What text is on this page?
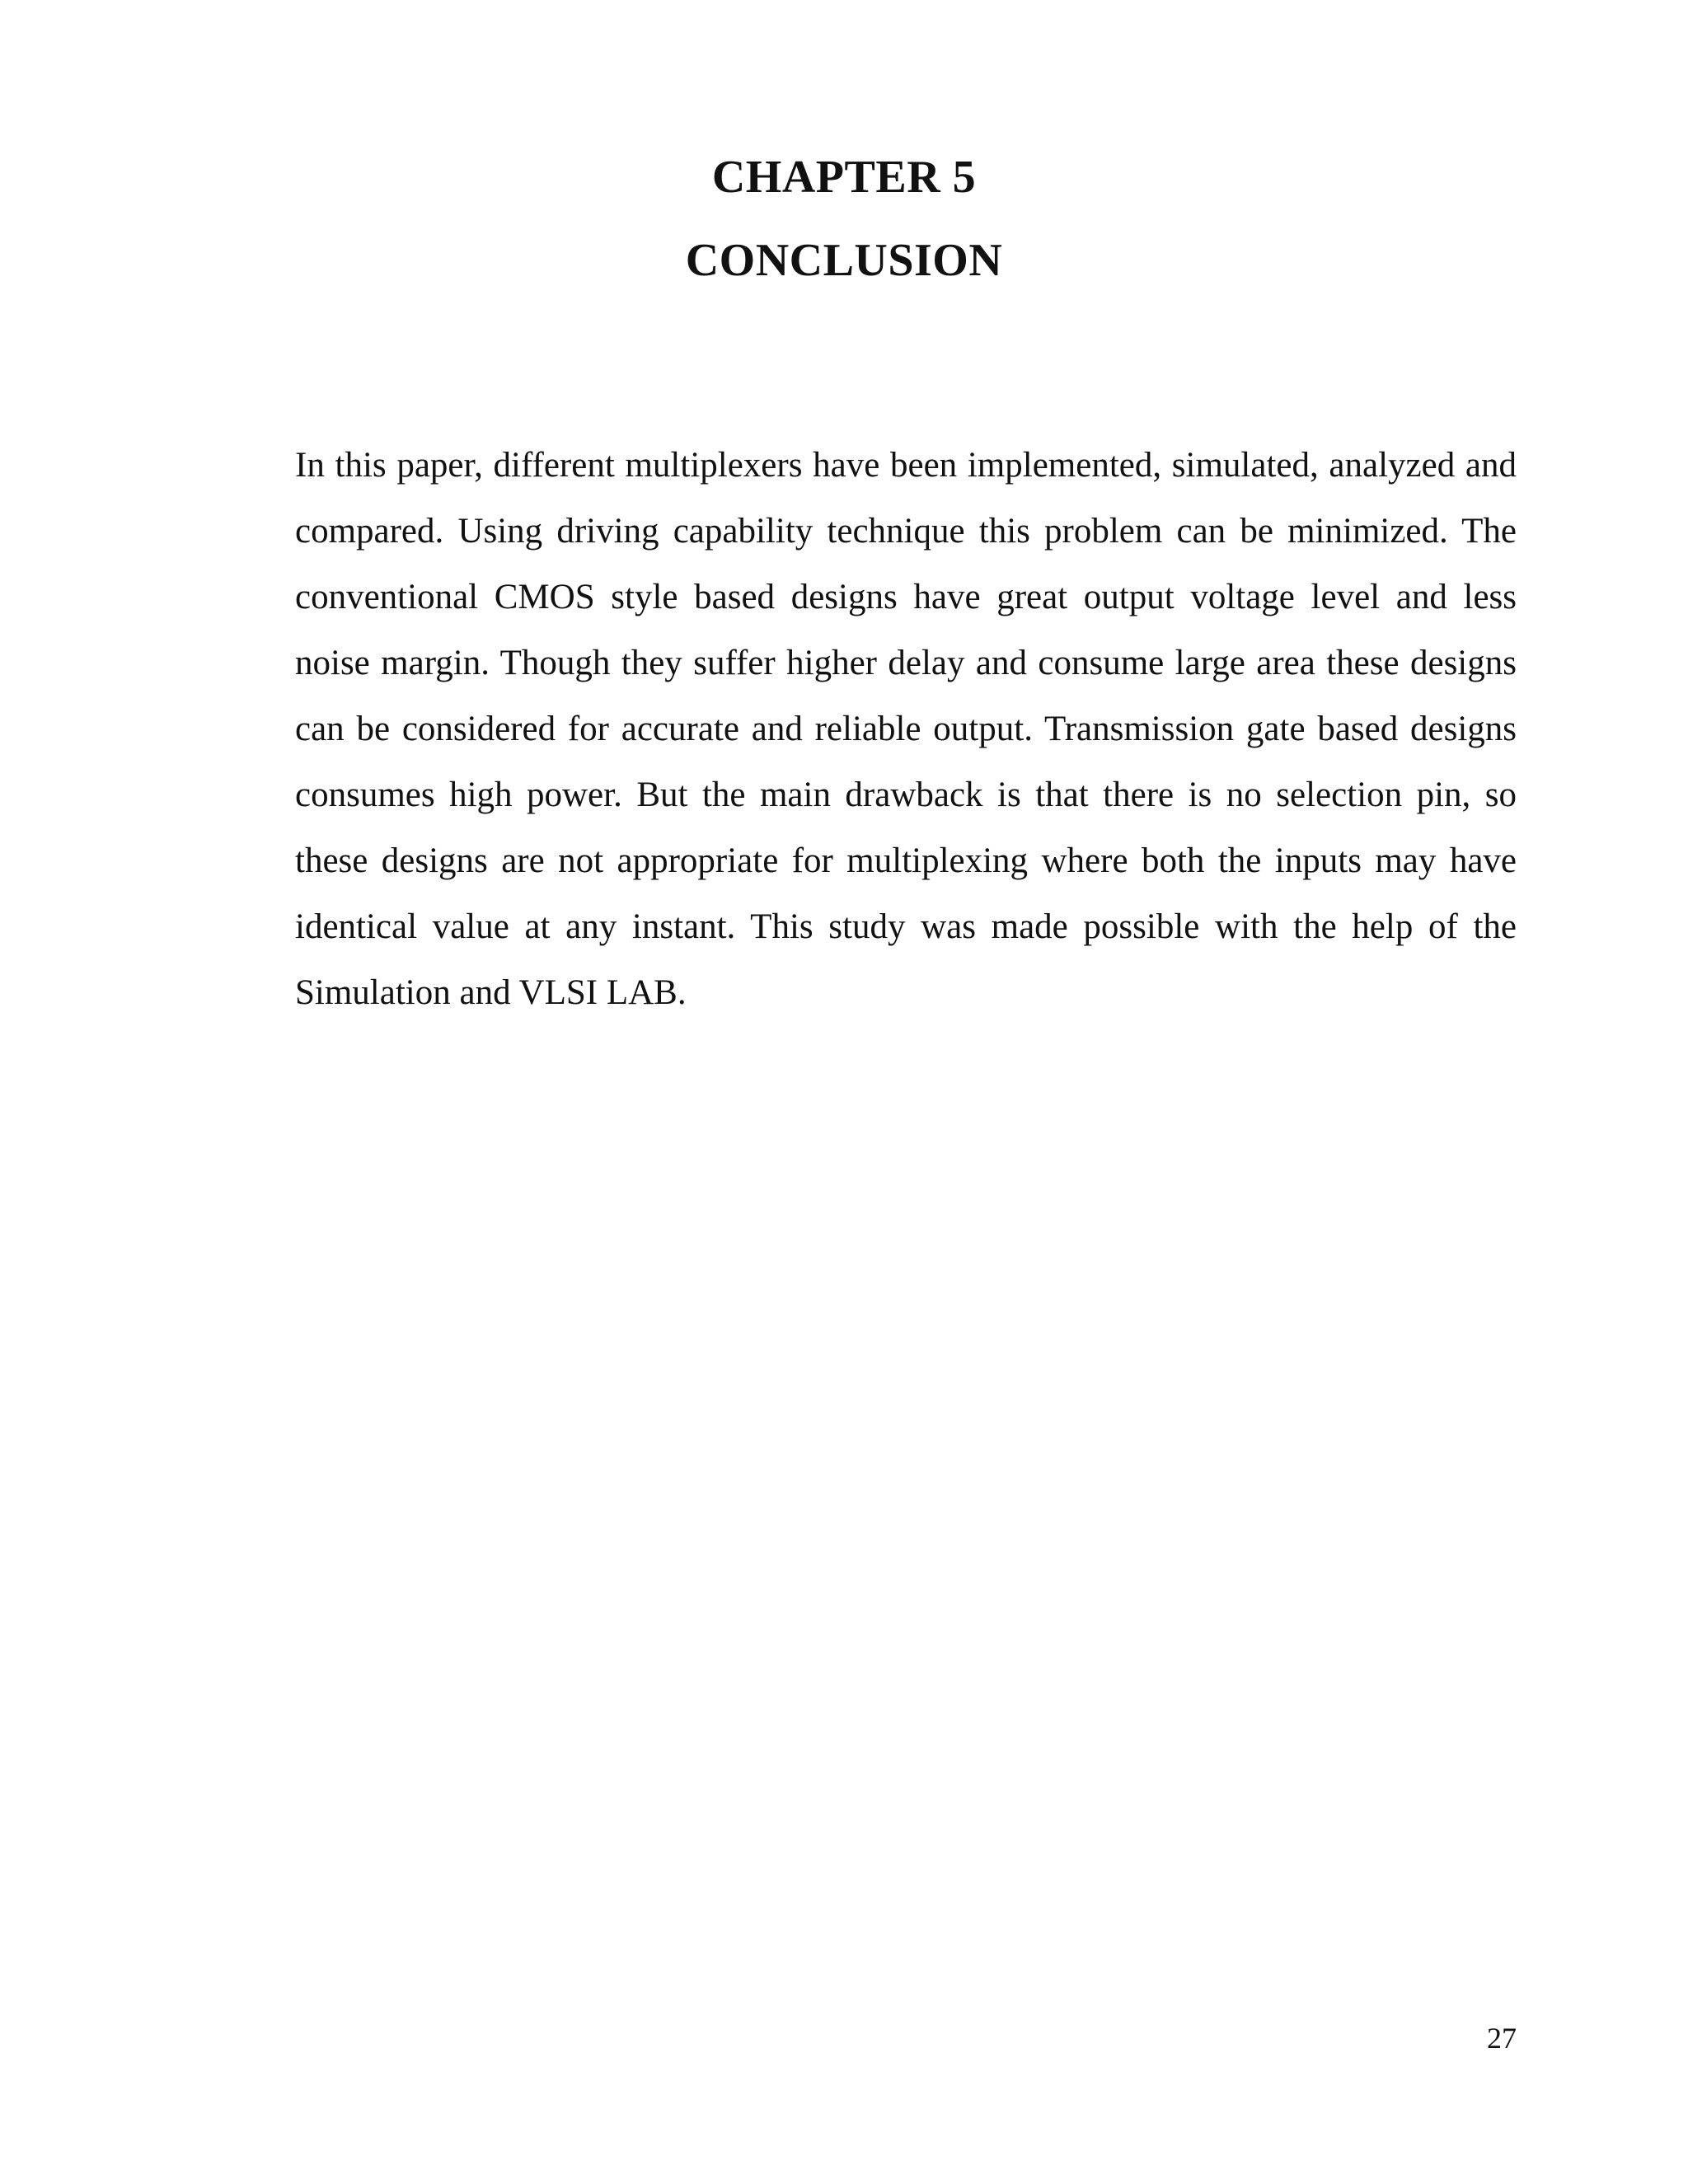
CHAPTER 5
CONCLUSION

In this paper, different multiplexers have been implemented, simulated, analyzed and compared. Using driving capability technique this problem can be minimized. The conventional CMOS style based designs have great output voltage level and less noise margin. Though they suffer higher delay and consume large area these designs can be considered for accurate and reliable output. Transmission gate based designs consumes high power. But the main drawback is that there is no selection pin, so these designs are not appropriate for multiplexing where both the inputs may have identical value at any instant. This study was made possible with the help of the Simulation and VLSI LAB.

27
